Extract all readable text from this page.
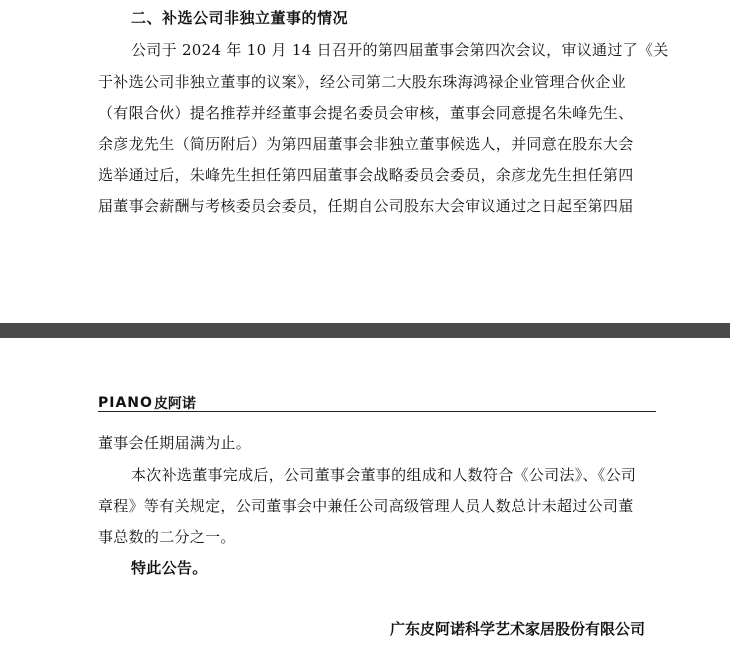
二、补选公司非独立董事的情况
公司于 2024 年 10 月 14 日召开的第四届董事会第四次会议，审议通过了《关
于补选公司非独立董事的议案》，经公司第二大股东珠海鸿禄企业管理合伙企业
（有限合伙）提名推荐并经董事会提名委员会审核，董事会同意提名朱峰先生、
余彦龙先生（简历附后）为第四届董事会非独立董事候选人，并同意在股东大会
选举通过后，朱峰先生担任第四届董事会战略委员会委员，余彦龙先生担任第四
届董事会薪酬与考核委员会委员，任期自公司股东大会审议通过之日起至第四届
PIANO 皮阿诺
董事会任期届满为止。
本次补选董事完成后，公司董事会董事的组成和人数符合《公司法》、《公司
章程》等有关规定，公司董事会中兼任公司高级管理人员人数总计未超过公司董
事总数的二分之一。
特此公告。
广东皮阿诺科学艺术家居股份有限公司
